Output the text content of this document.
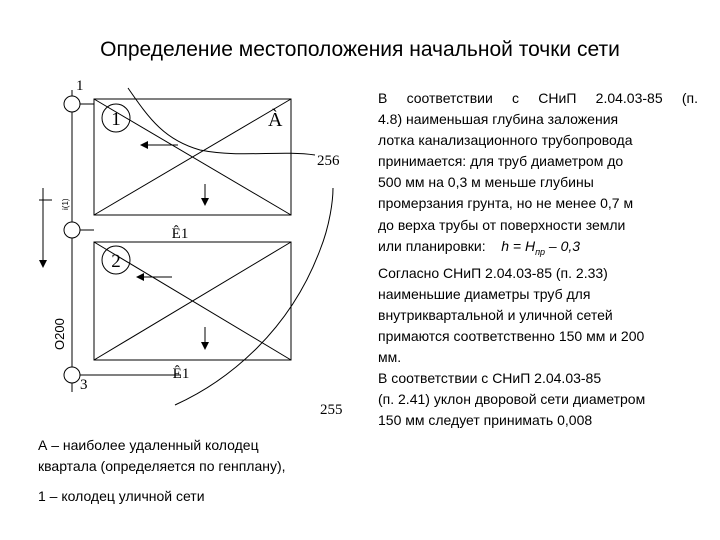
Определение местоположения начальной точки сети
1
3
1
2
À
256
255
Ê1
Ê1
O200
i(1)

В соответствии с СНиП 2.04.03-85 (п.
4.8) наименьшая глубина заложения
лотка канализационного трубопровода
принимается: для труб диаметром до
500 мм на 0,3 м меньше глубины
промерзания грунта, но не менее 0,7 м
до верха трубы от поверхности земли
или планировки: $h = H_{пр} - 0,3$

Согласно СНиП 2.04.03-85 (п. 2.33)
наименьшие диаметры труб для
внутриквартальной и уличной сетей
примаются соответственно 150 мм и 200
мм.

В соответствии с СНиП 2.04.03-85
(п. 2.41) уклон дворовой сети диаметром
150 мм следует принимать 0,008

А – наиболее удаленный колодец
квартала (определяется по генплану),

1 – колодец уличной сети
